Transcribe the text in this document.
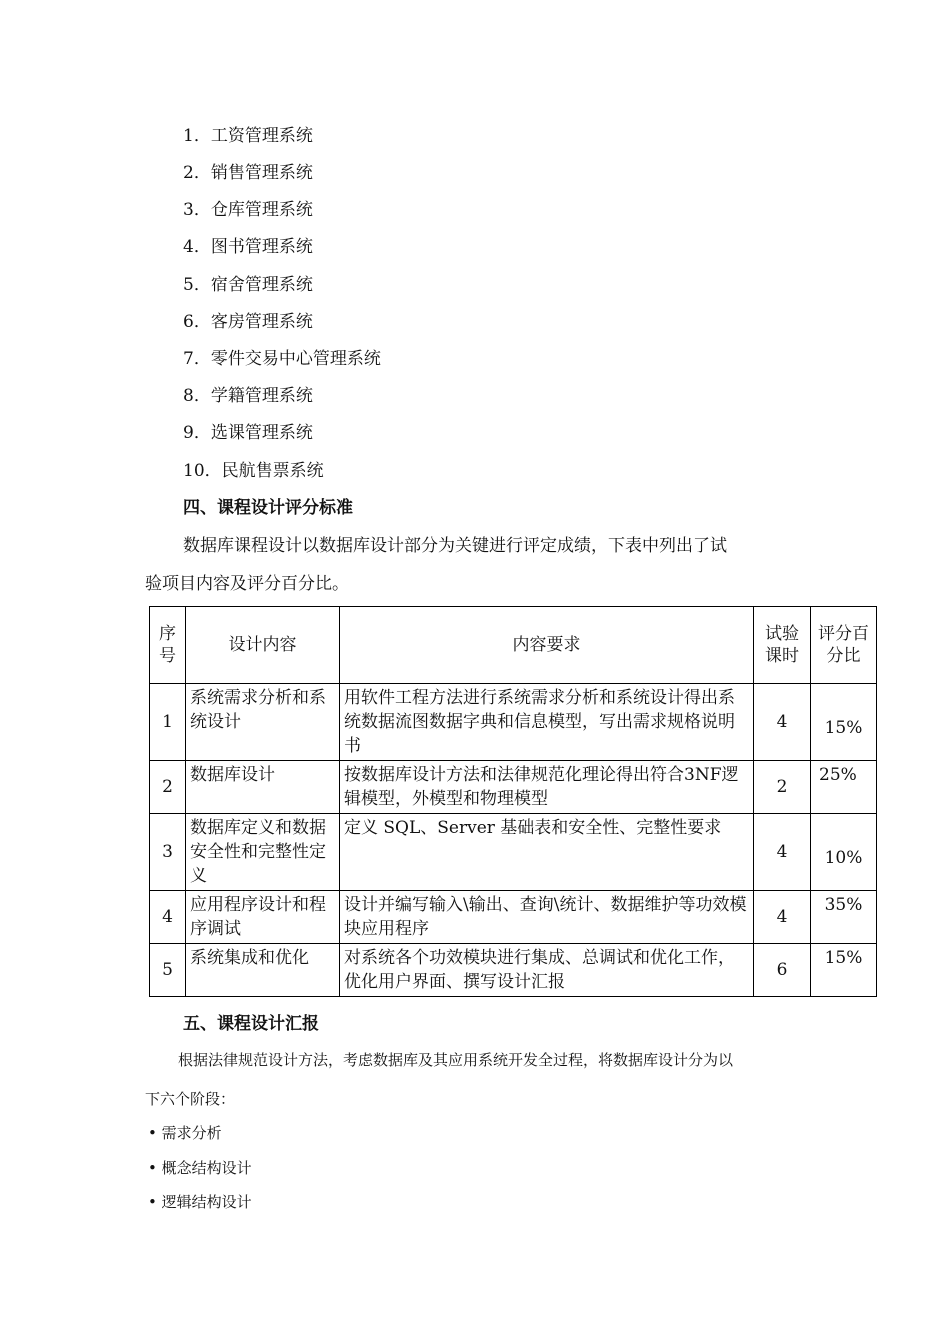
1．工资管理系统
2．销售管理系统
3．仓库管理系统
4．图书管理系统
5．宿舍管理系统
6．客房管理系统
7．零件交易中心管理系统
8．学籍管理系统
9．选课管理系统
10．民航售票系统
四、课程设计评分标准
数据库课程设计以数据库设计部分为关键进行评定成绩，下表中列出了试
验项目内容及评分百分比。
序号	设计内容	内容要求	试验课时	评分百分比
1	系统需求分析和系统设计	用软件工程方法进行系统需求分析和系统设计得出系统数据流图数据字典和信息模型，写出需求规格说明书	4	15%
2	数据库设计	按数据库设计方法和法律规范化理论得出符合3NF逻辑模型，外模型和物理模型	2	25%
3	数据库定义和数据安全性和完整性定义	定义 SQL、Server 基础表和安全性、完整性要求	4	10%
4	应用程序设计和程序调试	设计并编写输入\输出、查询\统计、数据维护等功效模块应用程序	4	35%
5	系统集成和优化	对系统各个功效模块进行集成、总调试和优化工作，优化用户界面、撰写设计汇报	6	15%
五、课程设计汇报
根据法律规范设计方法，考虑数据库及其应用系统开发全过程，将数据库设计分为以
下六个阶段：
• 需求分析
• 概念结构设计
• 逻辑结构设计
